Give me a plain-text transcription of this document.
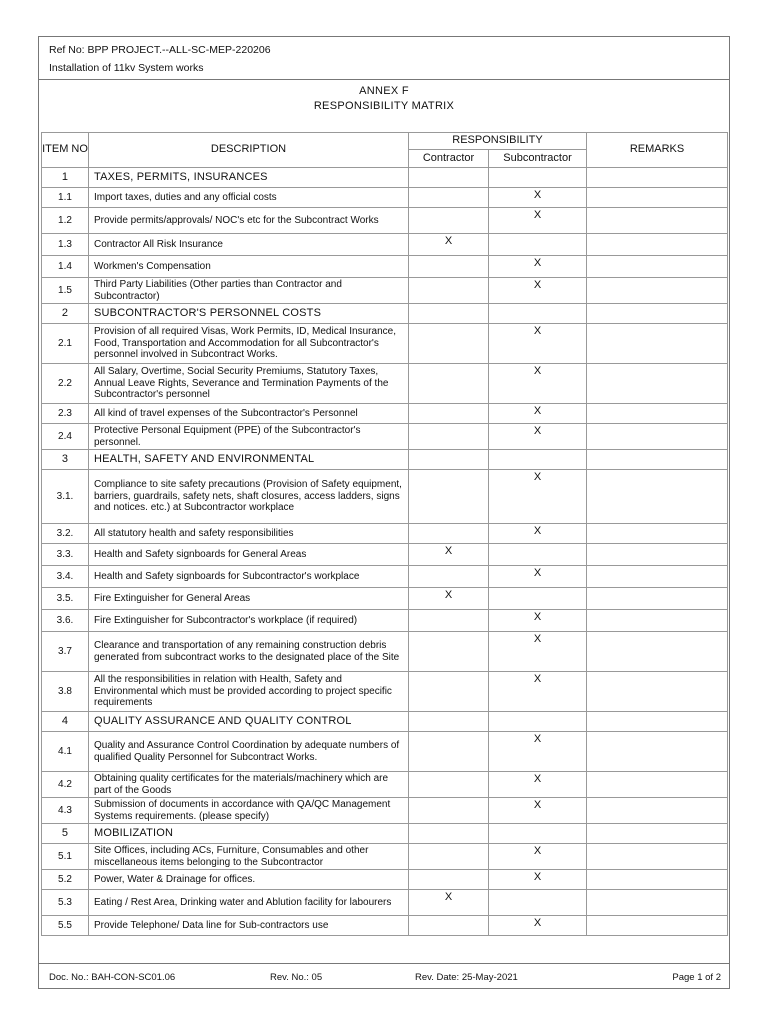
Ref No: BPP PROJECT.--ALL-SC-MEP-220206
Installation of 11kv System works
ANNEX F
RESPONSIBILITY MATRIX
ITEM NO	DESCRIPTION	RESPONSIBILITY		REMARKS
		Contractor	Subcontractor	
1	TAXES, PERMITS, INSURANCES			
1.1	Import taxes, duties and any official costs		X	
1.2	Provide permits/approvals/ NOC's etc for the Subcontract Works		X	
1.3	Contractor All Risk Insurance	X		
1.4	Workmen's Compensation		X	
1.5	Third Party Liabilities (Other parties than Contractor and Subcontractor)		X	
2	SUBCONTRACTOR'S PERSONNEL COSTS			
2.1	Provision of all required Visas, Work Permits, ID, Medical Insurance, Food, Transportation and Accommodation for all Subcontractor's personnel involved in Subcontract Works.		X	
2.2	All Salary, Overtime, Social Security Premiums, Statutory Taxes, Annual Leave Rights, Severance and Termination Payments of the Subcontractor's personnel		X	
2.3	All kind of travel expenses of the Subcontractor's Personnel		X	
2.4	Protective Personal Equipment (PPE) of the Subcontractor's personnel.		X	
3	HEALTH, SAFETY AND ENVIRONMENTAL			
3.1.	Compliance to site safety precautions (Provision of Safety equipment, barriers, guardrails, safety nets, shaft closures, access ladders, signs and notices. etc.) at Subcontractor workplace		X	
3.2.	All statutory health and safety responsibilities		X	
3.3.	Health and Safety signboards for General Areas	X		
3.4.	Health and Safety signboards for Subcontractor's workplace		X	
3.5.	Fire Extinguisher for General Areas	X		
3.6.	Fire Extinguisher for Subcontractor's workplace (if required)		X	
3.7	Clearance and transportation of any remaining construction debris generated from subcontract works to the designated place of the Site		X	
3.8	All the responsibilities in relation with Health, Safety and Environmental which must be provided according to project specific requirements		X	
4	QUALITY ASSURANCE AND QUALITY CONTROL			
4.1	Quality and Assurance Control Coordination by adequate numbers of qualified Quality Personnel for Subcontract Works.		X	
4.2	Obtaining quality certificates for the materials/machinery which are part of the Goods		X	
4.3	Submission of documents in accordance with QA/QC Management Systems requirements. (please specify)		X	
5	MOBILIZATION			
5.1	Site Offices, including ACs, Furniture, Consumables and other miscellaneous items belonging to the Subcontractor		X	
5.2	Power, Water & Drainage for offices.		X	
5.3	Eating / Rest Area, Drinking water and Ablution facility for labourers	X		
5.5	Provide Telephone/ Data line for Sub-contractors use		X	
Doc. No.: BAH-CON-SC01.06	Rev. No.: 05	Rev. Date: 25-May-2021	Page 1 of 2
